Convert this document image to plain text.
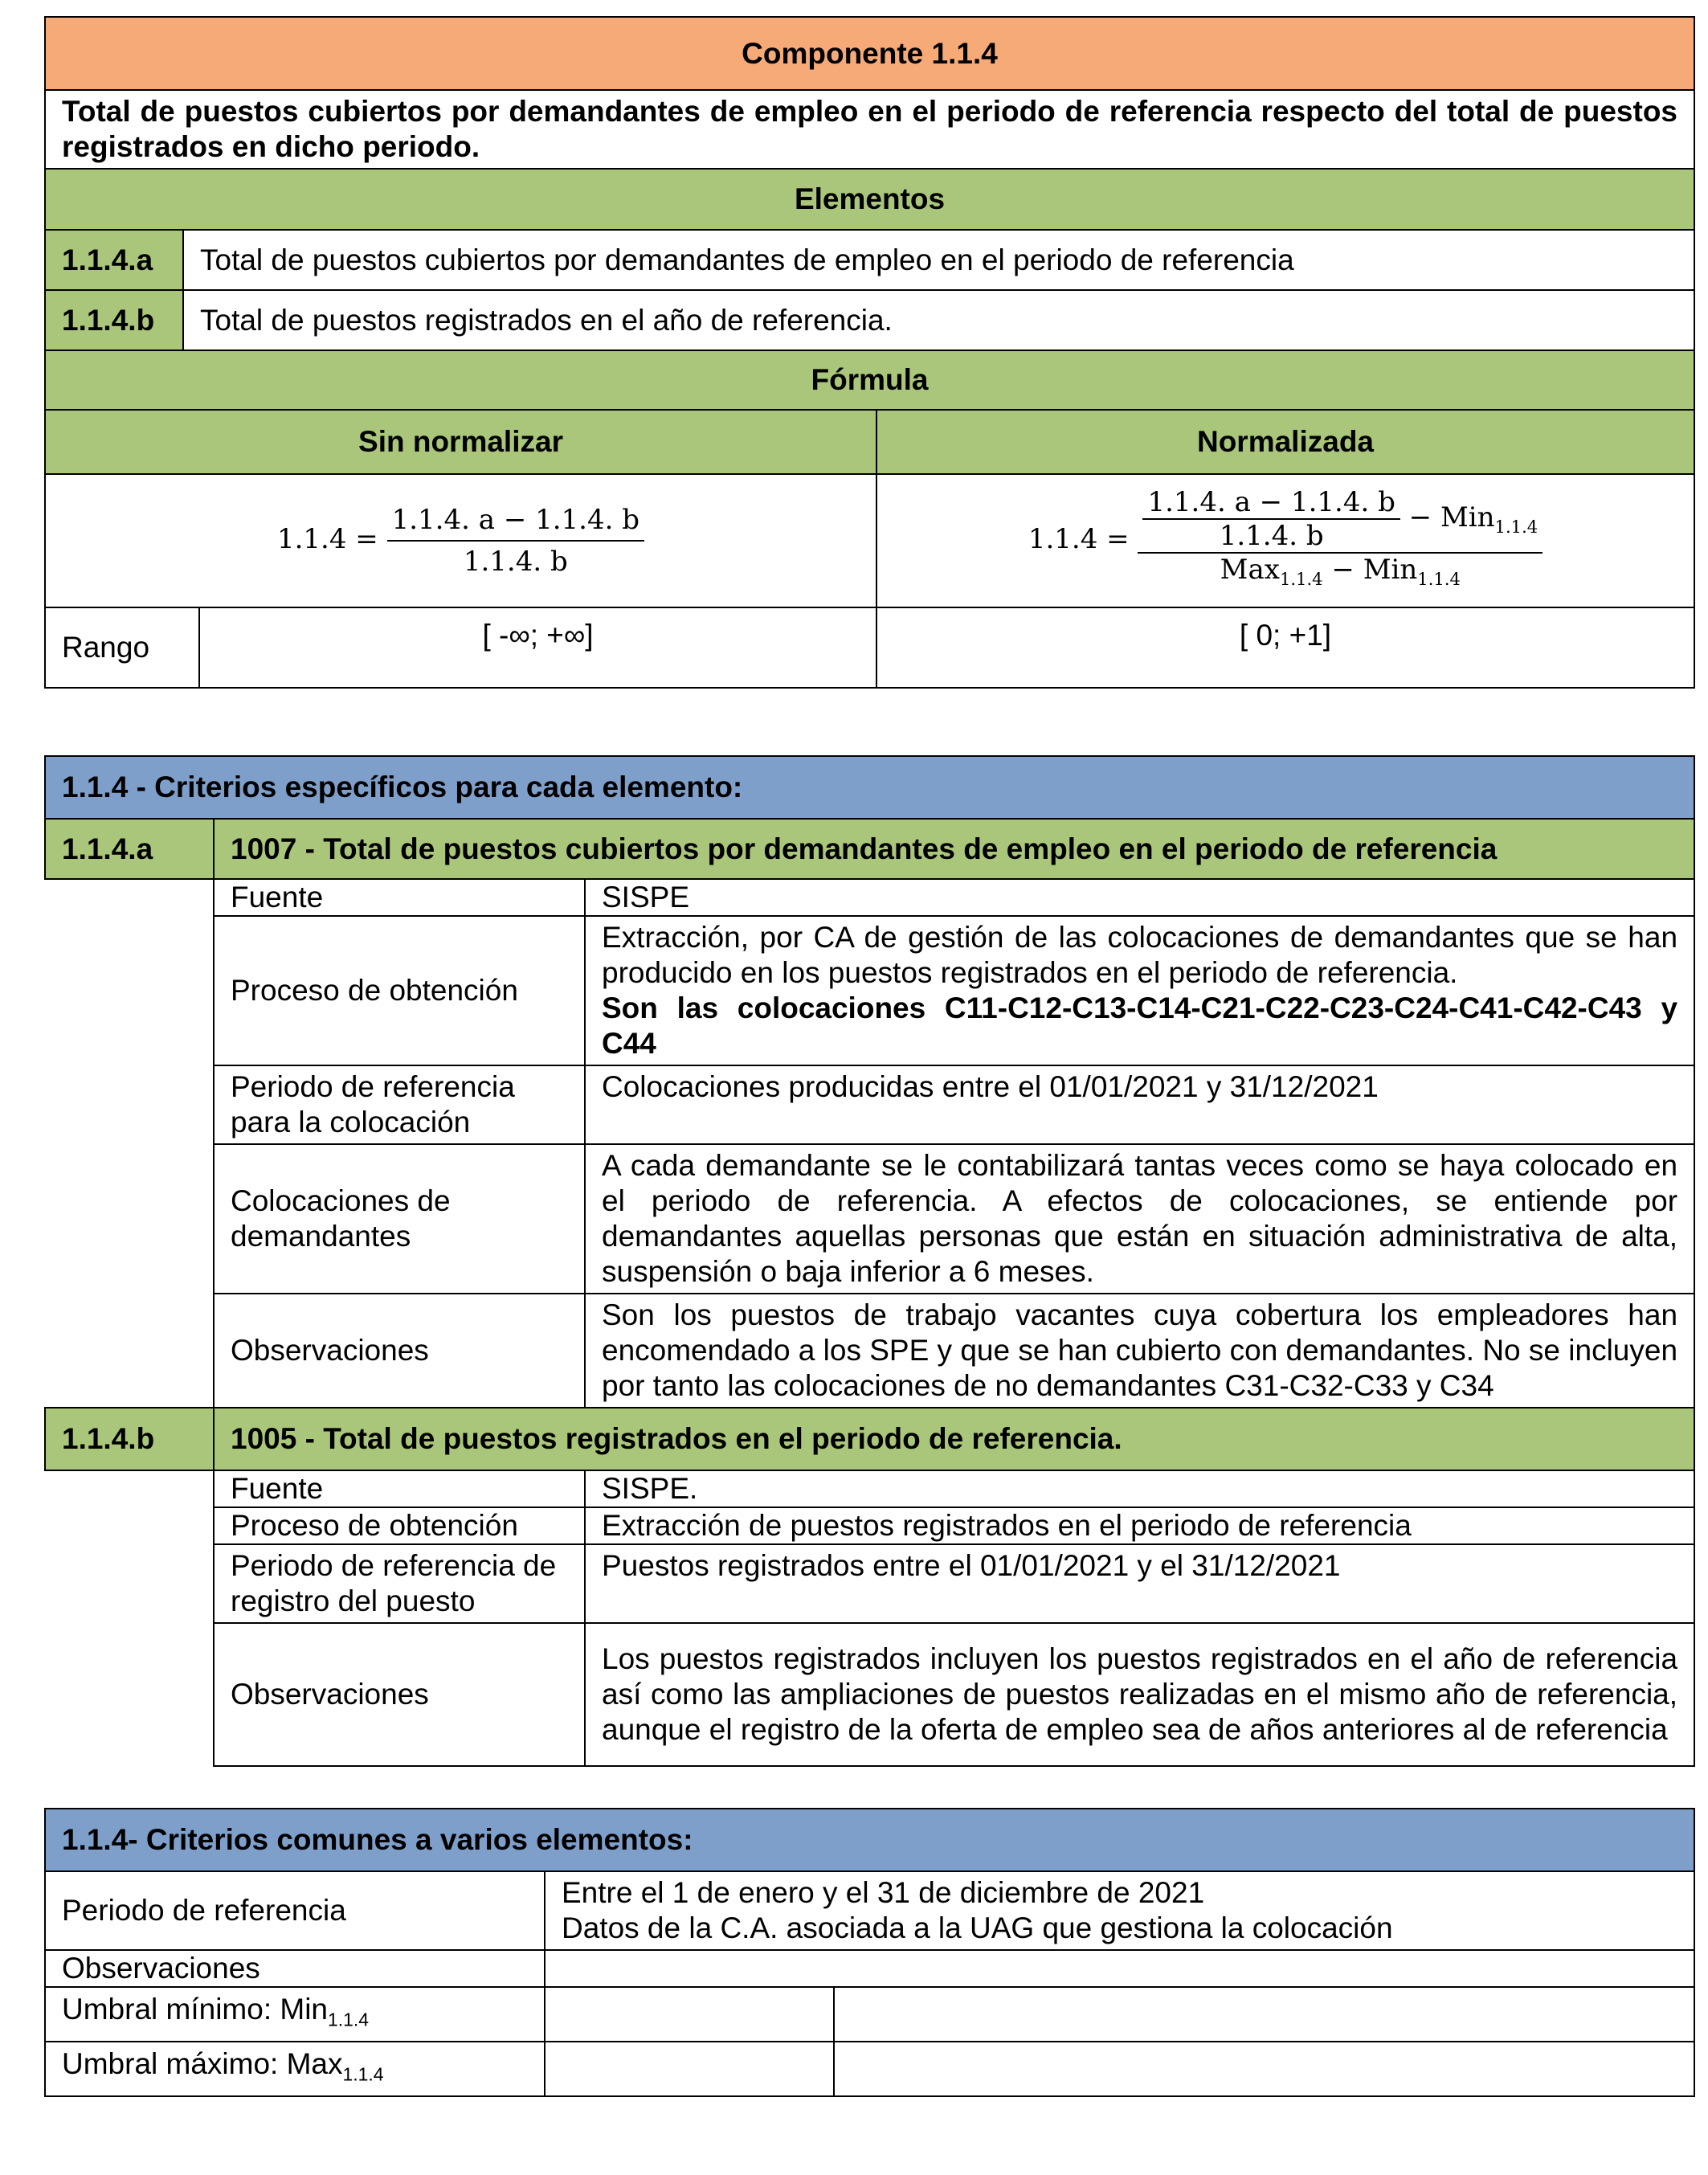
Componente 1.1.4			
Total de puestos cubiertos por demandantes de empleo en el periodo de referencia respecto del total de puestos registrados en dicho periodo.			
Elementos			
1.1.4.a	Total de puestos cubiertos por demandantes de empleo en el periodo de referencia		
1.1.4.b	Total de puestos registrados en el año de referencia.		
Fórmula			
Sin normalizar			Normalizada
$1.1.4 = \frac{1.1.4. a - 1.1.4. b}{1.1.4. b}$			$1.1.4 = \frac{1.1.4. a - 1.1.4. b}{1.1.4. b} - Min_{1.1.4}$
Max$_{1.1.4}$ − Min$_{1.1.4}$

Rango		[ -∞; +∞]	[ 0; +1]
1.1.4 - Criterios específicos para cada elemento:		
1.1.4.a	1007 - Total de puestos cubiertos por demandantes de empleo en el periodo de referencia	
	Fuente	SISPE
	Proceso de obtención	Extracción, por CA de gestión de las colocaciones de demandantes que se han producido en los puestos registrados en el periodo de referencia.
Son las colocaciones C11-C12-C13-C14-C21-C22-C23-C24-C41-C42-C43 y C44

	Periodo de referencia para la colocación	Colocaciones producidas entre el 01/01/2021 y 31/12/2021
	Colocaciones de demandantes	A cada demandante se le contabilizará tantas veces como se haya colocado en el periodo de referencia. A efectos de colocaciones, se entiende por demandantes aquellas personas que están en situación administrativa de alta, suspensión o baja inferior a 6 meses.
	Observaciones	Son los puestos de trabajo vacantes cuya cobertura los empleadores han encomendado a los SPE y que se han cubierto con demandantes. No se incluyen por tanto las colocaciones de no demandantes C31-C32-C33 y C34
1.1.4.b	1005 - Total de puestos registrados en el periodo de referencia.	
	Fuente	SISPE.
	Proceso de obtención	Extracción de puestos registrados en el periodo de referencia
	Periodo de referencia de registro del puesto	Puestos registrados entre el 01/01/2021 y el 31/12/2021
	Observaciones	Los puestos registrados incluyen los puestos registrados en el año de referencia así como las ampliaciones de puestos realizadas en el mismo año de referencia, aunque el registro de la oferta de empleo sea de años anteriores al de referencia
1.1.4- Criterios comunes a varios elementos:		
Periodo de referencia	Entre el 1 de enero y el 31 de diciembre de 2021
Datos de la C.A. asociada a la UAG que gestiona la colocación	

Observaciones		
Umbral mínimo: Min$_{1.1.4}$		
Umbral máximo: Max$_{1.1.4}$		
